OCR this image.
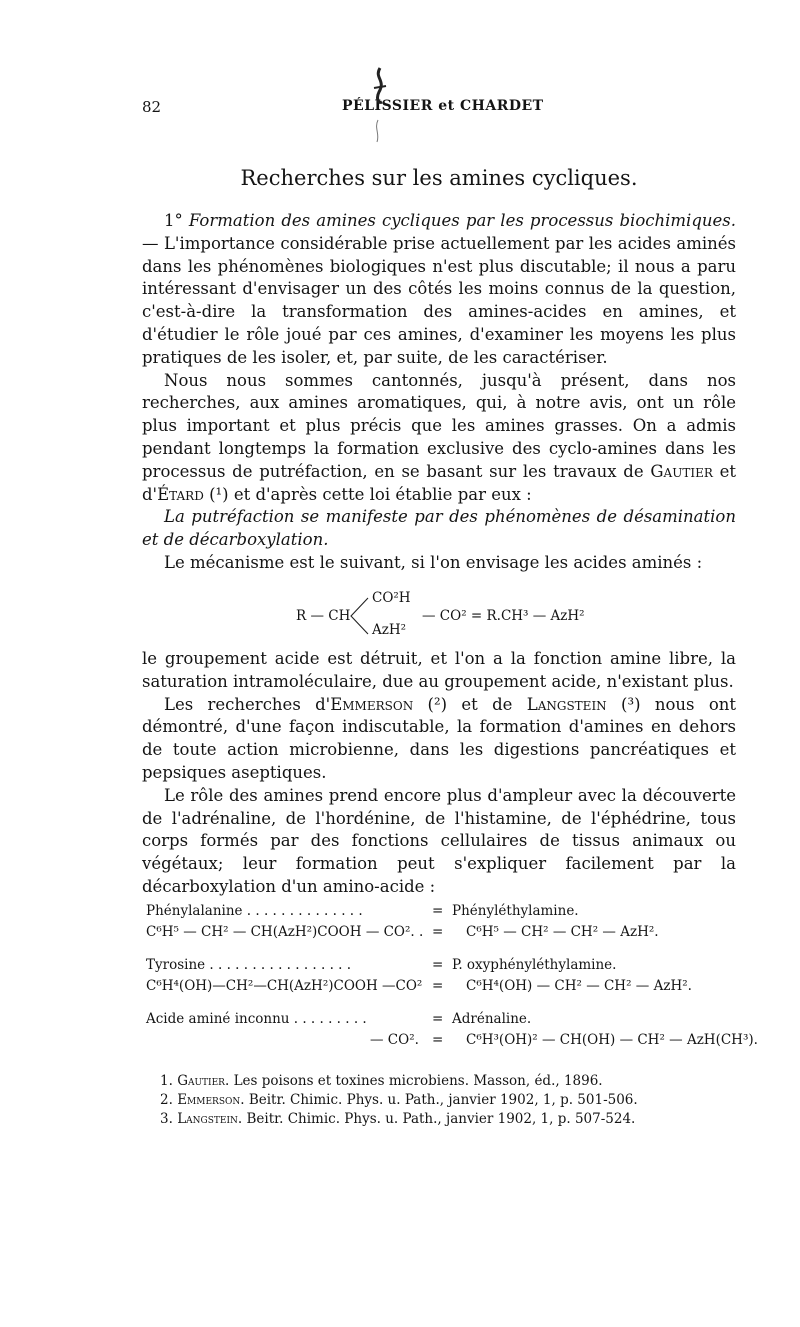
82	PÉLISSIER et CHARDET
Recherches sur les amines cycliques.

1° Formation des amines cycliques par les processus biochimiques. — L'importance considérable prise actuellement par les acides aminés dans les phénomènes biologiques n'est plus discutable; il nous a paru intéressant d'envisager un des côtés les moins connus de la question, c'est-à-dire la transformation des amines-acides en amines, et d'étudier le rôle joué par ces amines, d'examiner les moyens les plus pratiques de les isoler, et, par suite, de les caractériser.

Nous nous sommes cantonnés, jusqu'à présent, dans nos recherches, aux amines aromatiques, qui, à notre avis, ont un rôle plus important et plus précis que les amines grasses. On a admis pendant longtemps la formation exclusive des cyclo-amines dans les processus de putréfaction, en se basant sur les travaux de Gautier et d'Étard (¹) et d'après cette loi établie par eux :

La putréfaction se manifeste par des phénomènes de désamination et de décarboxylation.

Le mécanisme est le suivant, si l'on envisage les acides aminés :

R — CH
CO²H
AzH²
— CO² = R.CH³ — AzH²

le groupement acide est détruit, et l'on a la fonction amine libre, la saturation intramoléculaire, due au groupement acide, n'existant plus.

Les recherches d'Emmerson (²) et de Langstein (³) nous ont démontré, d'une façon indiscutable, la formation d'amines en dehors de toute action microbienne, dans les digestions pancréatiques et pepsiques aseptiques.

Le rôle des amines prend encore plus d'ampleur avec la découverte de l'adrénaline, de l'hordénine, de l'histamine, de l'éphédrine, tous corps formés par des fonctions cellulaires de tissus animaux ou végétaux; leur formation peut s'expliquer facilement par la décarboxylation d'un amino-acide :

Phénylalanine . . . . . . . . . . . . . .	= Phényléthylamine.
C⁶H⁵ — CH² — CH(AzH²)COOH — CO². . = C⁶H⁵ — CH² — CH² — AzH².
Tyrosine . . . . . . . . . . . . . . . . .	= P. oxyphényléthylamine.
C⁶H⁴(OH)—CH²—CH(AzH²)COOH —CO² = C⁶H⁴(OH) — CH² — CH² — AzH².
Acide aminé inconnu . . . . . . . . .	= Adrénaline.
— CO². = C⁶H³(OH)² — CH(OH) — CH² — AzH(CH³).
1. Gautier. Les poisons et toxines microbiens. Masson, éd., 1896.
2. Emmerson. Beitr. Chimic. Phys. u. Path., janvier 1902, 1, p. 501-506.
3. Langstein. Beitr. Chimic. Phys. u. Path., janvier 1902, 1, p. 507-524.
